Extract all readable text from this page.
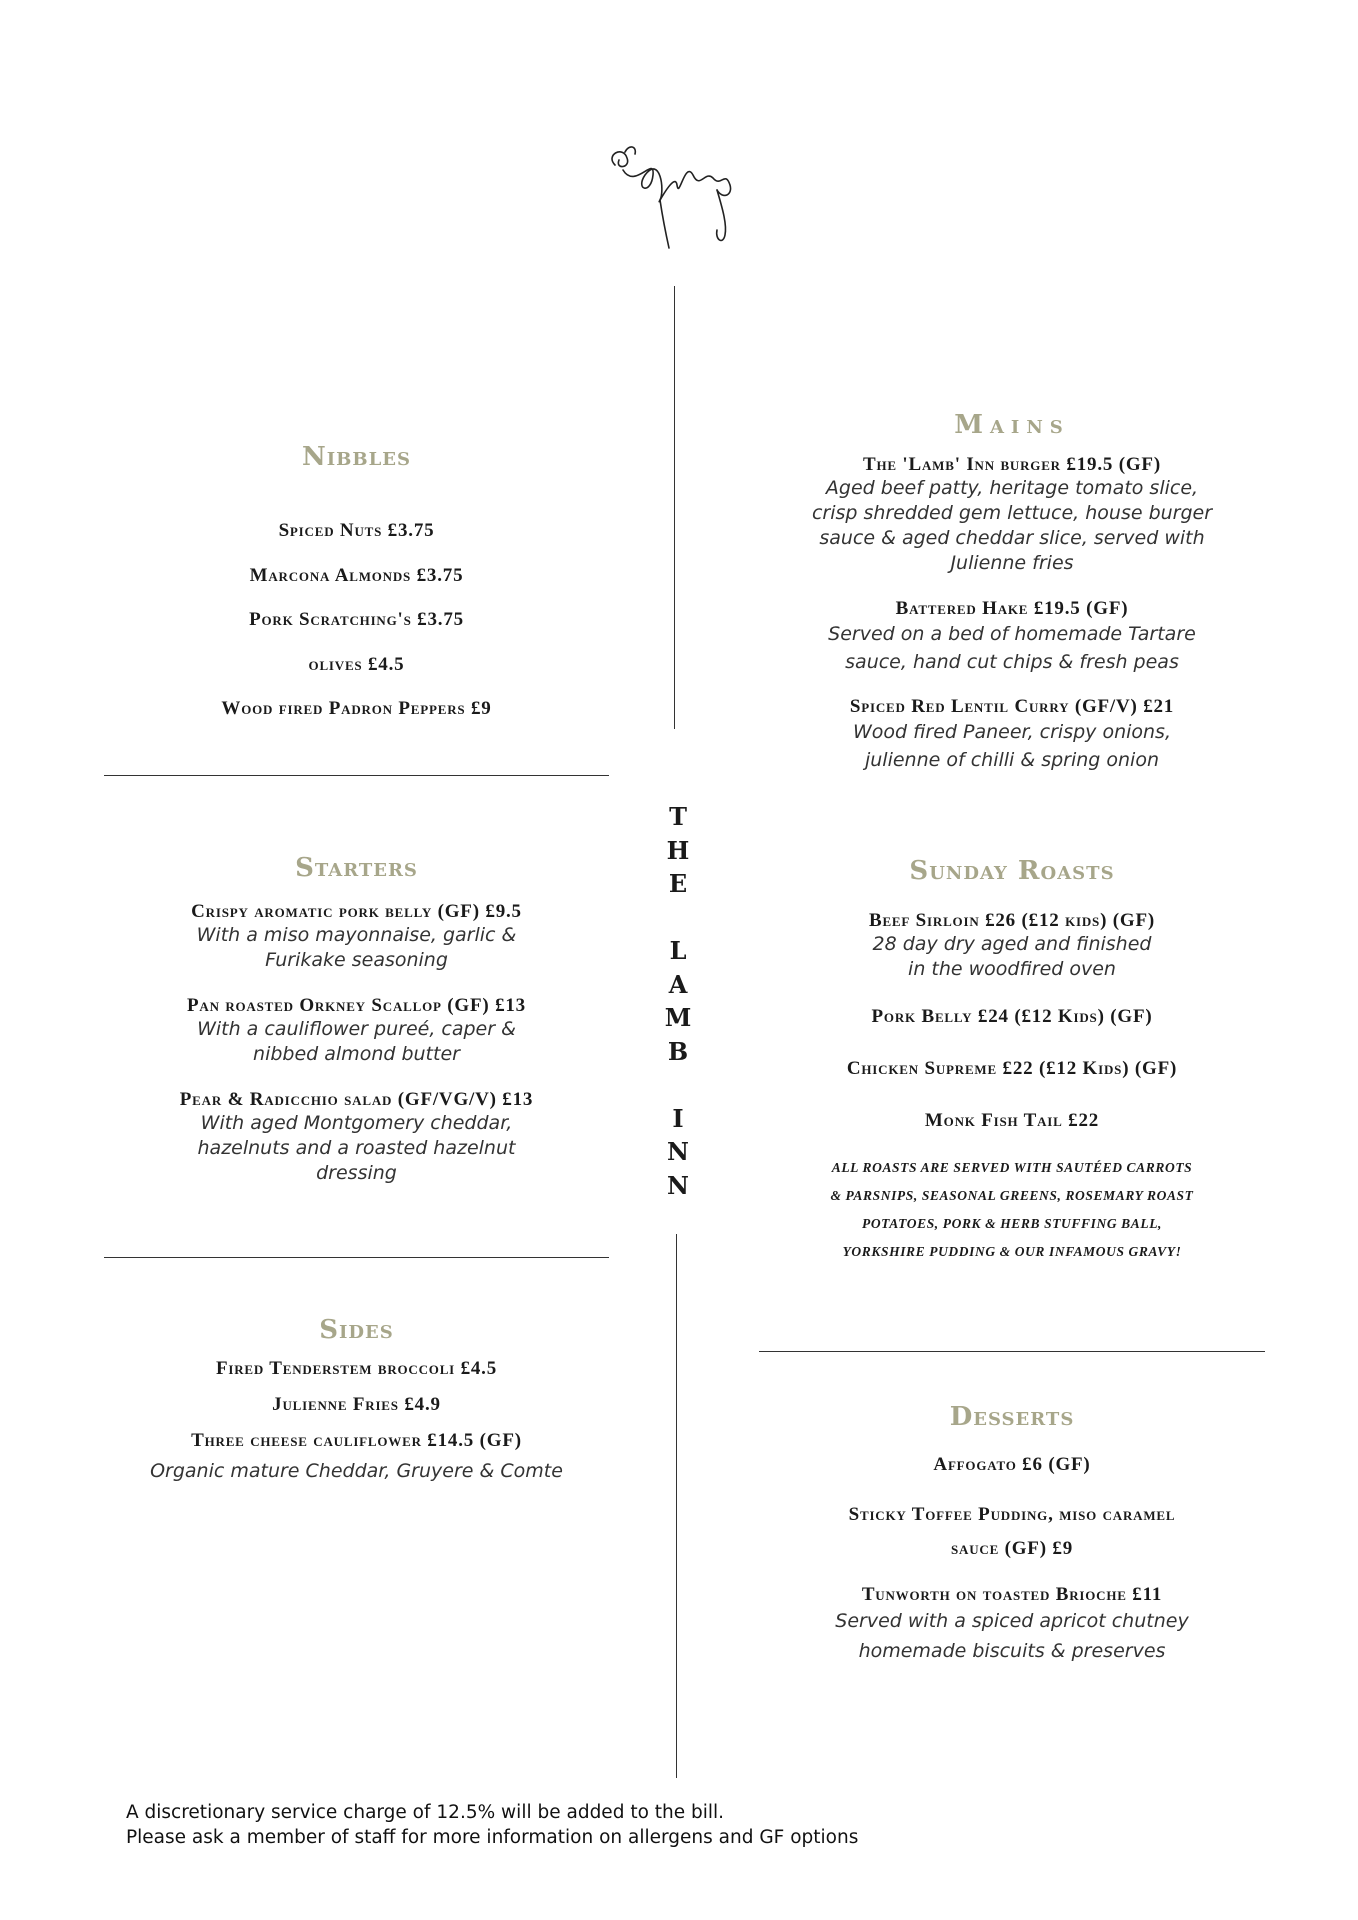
T
H
E

L
A
M
B

I
N
N
Nibbles

Spiced Nuts £3.75

Marcona Almonds £3.75

Pork Scratching's £3.75

olives £4.5

Wood fired Padron Peppers £9

Starters

Crispy aromatic pork belly (GF) £9.5

With a miso mayonnaise, garlic &

Furikake seasoning

Pan roasted Orkney Scallop (GF) £13

With a cauliflower pureé, caper &

nibbed almond butter

Pear & Radicchio salad (GF/VG/V) £13

With aged Montgomery cheddar,

hazelnuts and a roasted hazelnut

dressing

Sides

Fired Tenderstem broccoli £4.5

Julienne Fries £4.9

Three cheese cauliflower £14.5 (GF)

Organic mature Cheddar, Gruyere & Comte

Mains

The 'Lamb' Inn burger £19.5 (GF)

Aged beef patty, heritage tomato slice,

crisp shredded gem lettuce, house burger

sauce & aged cheddar slice, served with

Julienne fries

Battered Hake £19.5 (GF)

Served on a bed of homemade Tartare

sauce, hand cut chips & fresh peas

Spiced Red Lentil Curry (GF/V) £21

Wood fired Paneer, crispy onions,

julienne of chilli & spring onion

Sunday Roasts

Beef Sirloin £26 (£12 kids) (GF)

28 day dry aged and finished

in the woodfired oven

Pork Belly £24 (£12 Kids) (GF)

Chicken Supreme £22 (£12 Kids) (GF)

Monk Fish Tail £22

ALL ROASTS ARE SERVED WITH SAUTÉED CARROTS

& PARSNIPS, SEASONAL GREENS, ROSEMARY ROAST

POTATOES, PORK & HERB STUFFING BALL,

YORKSHIRE PUDDING & OUR INFAMOUS GRAVY!

Desserts

Affogato £6 (GF)

Sticky Toffee Pudding, miso caramel

sauce (GF) £9

Tunworth on toasted Brioche £11

Served with a spiced apricot chutney

homemade biscuits & preserves

A discretionary service charge of 12.5% will be added to the bill.
Please ask a member of staff for more information on allergens and GF options
